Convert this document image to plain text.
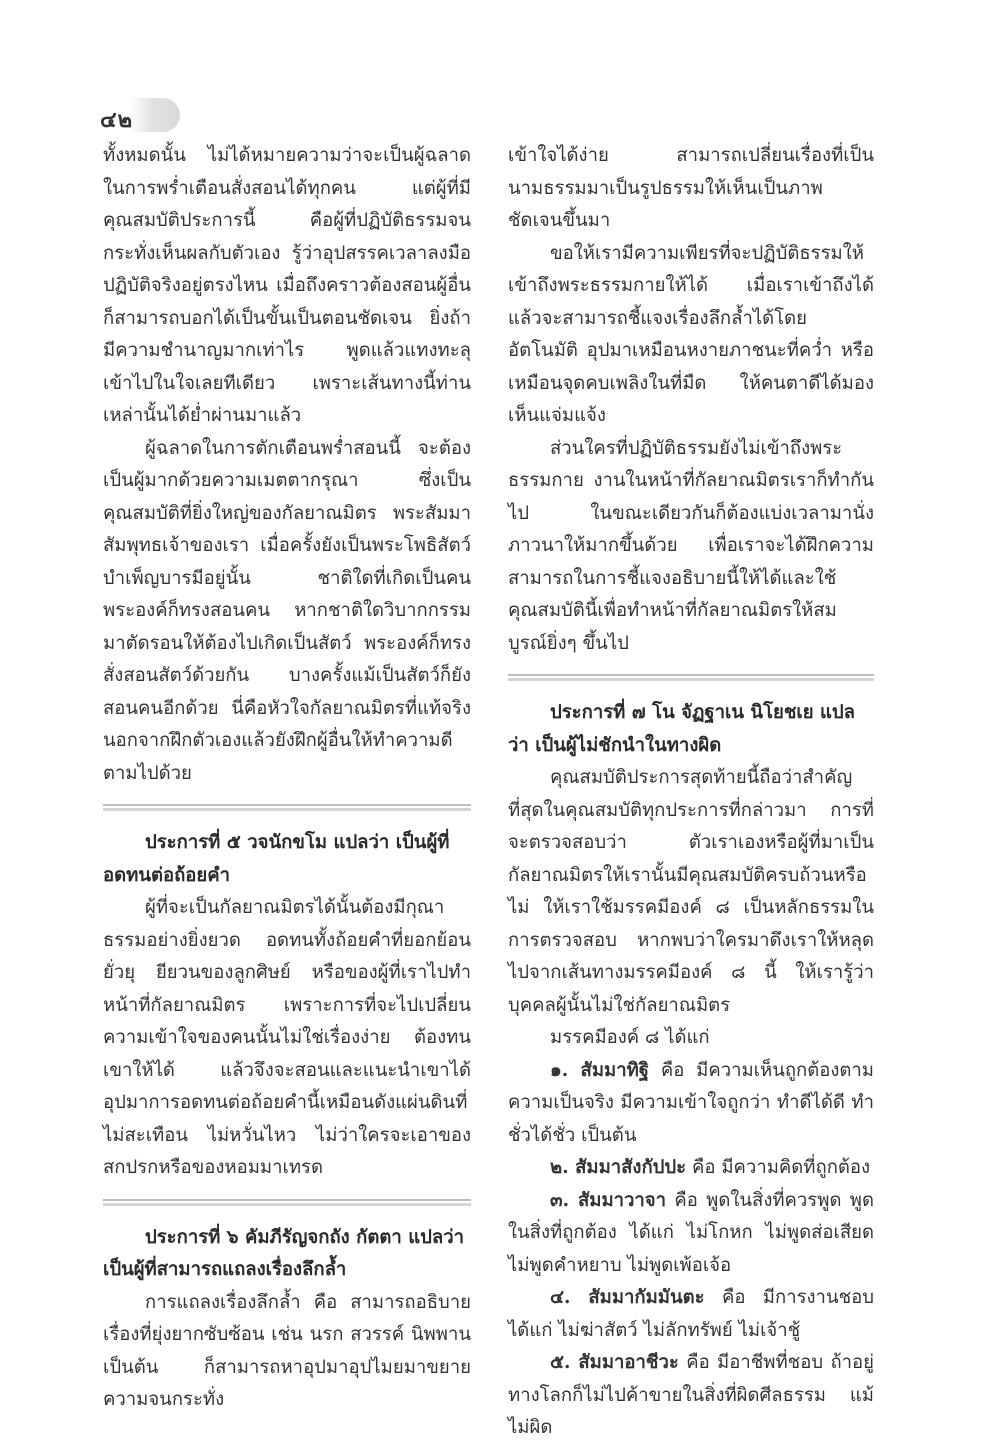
๔๒

ทั้งหมดนั้น ไม่ได้หมายความว่าจะเป็นผู้ฉลาดในการพร่ำเตือนสั่งสอนได้ทุกคน แต่ผู้ที่มีคุณสมบัติประการนี้ คือผู้ที่ปฏิบัติธรรมจนกระทั่งเห็นผลกับตัวเอง รู้ว่าอุปสรรคเวลาลงมือปฏิบัติจริงอยู่ตรงไหน เมื่อถึงคราวต้องสอนผู้อื่น ก็สามารถบอกได้เป็นขั้นเป็นตอนชัดเจน ยิ่งถ้ามีความชำนาญมากเท่าไร พูดแล้วแทงทะลุเข้าไปในใจเลยทีเดียว เพราะเส้นทางนี้ท่านเหล่านั้นได้ย่ำผ่านมาแล้ว

ผู้ฉลาดในการตักเตือนพร่ำสอนนี้ จะต้องเป็นผู้มากด้วยความเมตตากรุณา ซึ่งเป็นคุณสมบัติที่ยิ่งใหญ่ของกัลยาณมิตร พระสัมมาสัมพุทธเจ้าของเรา เมื่อครั้งยังเป็นพระโพธิสัตว์บำเพ็ญบารมีอยู่นั้น ชาติใดที่เกิดเป็นคน พระองค์ก็ทรงสอนคน หากชาติใดวิบากกรรมมาตัดรอนให้ต้องไปเกิดเป็นสัตว์ พระองค์ก็ทรงสั่งสอนสัตว์ด้วยกัน บางครั้งแม้เป็นสัตว์ก็ยังสอนคนอีกด้วย นี่คือหัวใจกัลยาณมิตรที่แท้จริง นอกจากฝึกตัวเองแล้วยังฝึกผู้อื่นให้ทำความดีตามไปด้วย

ประการที่ ๕ วจนักขโม แปลว่า เป็นผู้ที่อดทนต่อถ้อยคำ

ผู้ที่จะเป็นกัลยาณมิตรได้นั้นต้องมีกุณาธรรมอย่างยิ่งยวด อดทนทั้งถ้อยคำที่ยอกย้อน ยั่วยุ ยียวนของลูกศิษย์ หรือของผู้ที่เราไปทำหน้าที่กัลยาณมิตร เพราะการที่จะไปเปลี่ยนความเข้าใจของคนนั้นไม่ใช่เรื่องง่าย ต้องทนเขาให้ได้ แล้วจึงจะสอนและแนะนำเขาได้ อุปมาการอดทนต่อถ้อยคำนี้เหมือนดังแผ่นดินที่ไม่สะเทือน ไม่หวั่นไหว ไม่ว่าใครจะเอาของสกปรกหรือของหอมมาเทรด

ประการที่ ๖ คัมภีรัญจกถัง กัตตา แปลว่า เป็นผู้ที่สามารถแถลงเรื่องลึกล้ำ

การแถลงเรื่องลึกล้ำ คือ สามารถอธิบายเรื่องที่ยุ่งยากซับซ้อน เช่น นรก สวรรค์ นิพพาน เป็นต้น ก็สามารถหาอุปมาอุปไมยมาขยายความจนกระทั่ง

เข้าใจได้ง่าย สามารถเปลี่ยนเรื่องที่เป็นนามธรรมมาเป็นรูปธรรมให้เห็นเป็นภาพชัดเจนขึ้นมา

ขอให้เรามีความเพียรที่จะปฏิบัติธรรมให้เข้าถึงพระธรรมกายให้ได้ เมื่อเราเข้าถึงได้แล้วจะสามารถชี้แจงเรื่องลึกล้ำได้โดยอัตโนมัติ อุปมาเหมือนหงายภาชนะที่คว่ำ หรือเหมือนจุดคบเพลิงในที่มืด ให้คนตาดีได้มองเห็นแจ่มแจ้ง

ส่วนใครที่ปฏิบัติธรรมยังไม่เข้าถึงพระธรรมกาย งานในหน้าที่กัลยาณมิตรเราก็ทำกันไป ในขณะเดียวกันก็ต้องแบ่งเวลามานั่งภาวนาให้มากขึ้นด้วย เพื่อเราจะได้ฝึกความสามารถในการชี้แจงอธิบายนี้ให้ได้และใช้คุณสมบัตินี้เพื่อทำหน้าที่กัลยาณมิตรให้สมบูรณ์ยิ่งๆ ขึ้นไป

ประการที่ ๗ โน จัฏฐาเน นิโยชเย แปลว่า เป็นผู้ไม่ชักนำในทางผิด

คุณสมบัติประการสุดท้ายนี้ถือว่าสำคัญที่สุดในคุณสมบัติทุกประการที่กล่าวมา การที่จะตรวจสอบว่า ตัวเราเองหรือผู้ที่มาเป็นกัลยาณมิตรให้เรานั้นมีคุณสมบัติครบถ้วนหรือไม่ ให้เราใช้มรรคมีองค์ ๘ เป็นหลักธรรมในการตรวจสอบ หากพบว่าใครมาดึงเราให้หลุดไปจากเส้นทางมรรคมีองค์ ๘ นี้ ให้เรารู้ว่า บุคคลผู้นั้นไม่ใช่กัลยาณมิตร

มรรคมีองค์ ๘ ได้แก่

๑. สัมมาทิฐิ คือ มีความเห็นถูกต้องตามความเป็นจริง มีความเข้าใจถูกว่า ทำดีได้ดี ทำชั่วได้ชั่ว เป็นต้น

๒. สัมมาสังกัปปะ คือ มีความคิดที่ถูกต้อง

๓. สัมมาวาจา คือ พูดในสิ่งที่ควรพูด พูดในสิ่งที่ถูกต้อง ได้แก่ ไม่โกหก ไม่พูดส่อเสียด ไม่พูดคำหยาบ ไม่พูดเพ้อเจ้อ

๔. สัมมากัมมันตะ คือ มีการงานชอบ ได้แก่ ไม่ฆ่าสัตว์ ไม่ลักทรัพย์ ไม่เจ้าชู้

๕. สัมมาอาชีวะ คือ มีอาชีพที่ชอบ ถ้าอยู่ทางโลกก็ไม่ไปค้าขายในสิ่งที่ผิดศีลธรรม แม้ไม่ผิด
